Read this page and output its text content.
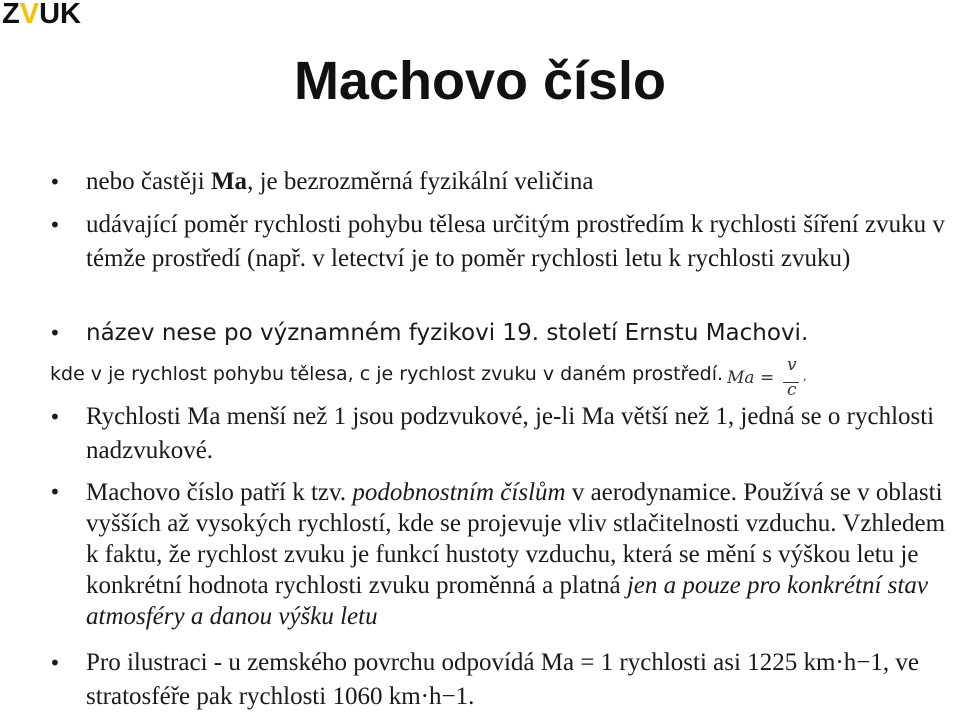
ZVUK
Machovo číslo
• nebo častěji Ma, je bezrozměrná fyzikální veličina
• udávající poměr rychlosti pohybu tělesa určitým prostředím k rychlosti šíření zvuku v témže prostředí (např. v letectví je to poměr rychlosti letu k rychlosti zvuku)
• název nese po významném fyzikovi 19. století Ernstu Machovi.
kde v je rychlost pohybu tělesa, c je rychlost zvuku v daném prostředí. Ma =
v
c
,
• Rychlosti Ma menší než 1 jsou podzvukové, je-li Ma větší než 1, jedná se o rychlosti nadzvukové.
• Machovo číslo patří k tzv. podobnostním číslům v aerodynamice. Používá se v oblasti vyšších až vysokých rychlostí, kde se projevuje vliv stlačitelnosti vzduchu. Vzhledem k faktu, že rychlost zvuku je funkcí hustoty vzduchu, která se mění s výškou letu je konkrétní hodnota rychlosti zvuku proměnná a platná jen a pouze pro konkrétní stav atmosféry a danou výšku letu
• Pro ilustraci - u zemského povrchu odpovídá Ma = 1 rychlosti asi 1225 km·h−1, ve stratosféře pak rychlosti 1060 km·h−1.
